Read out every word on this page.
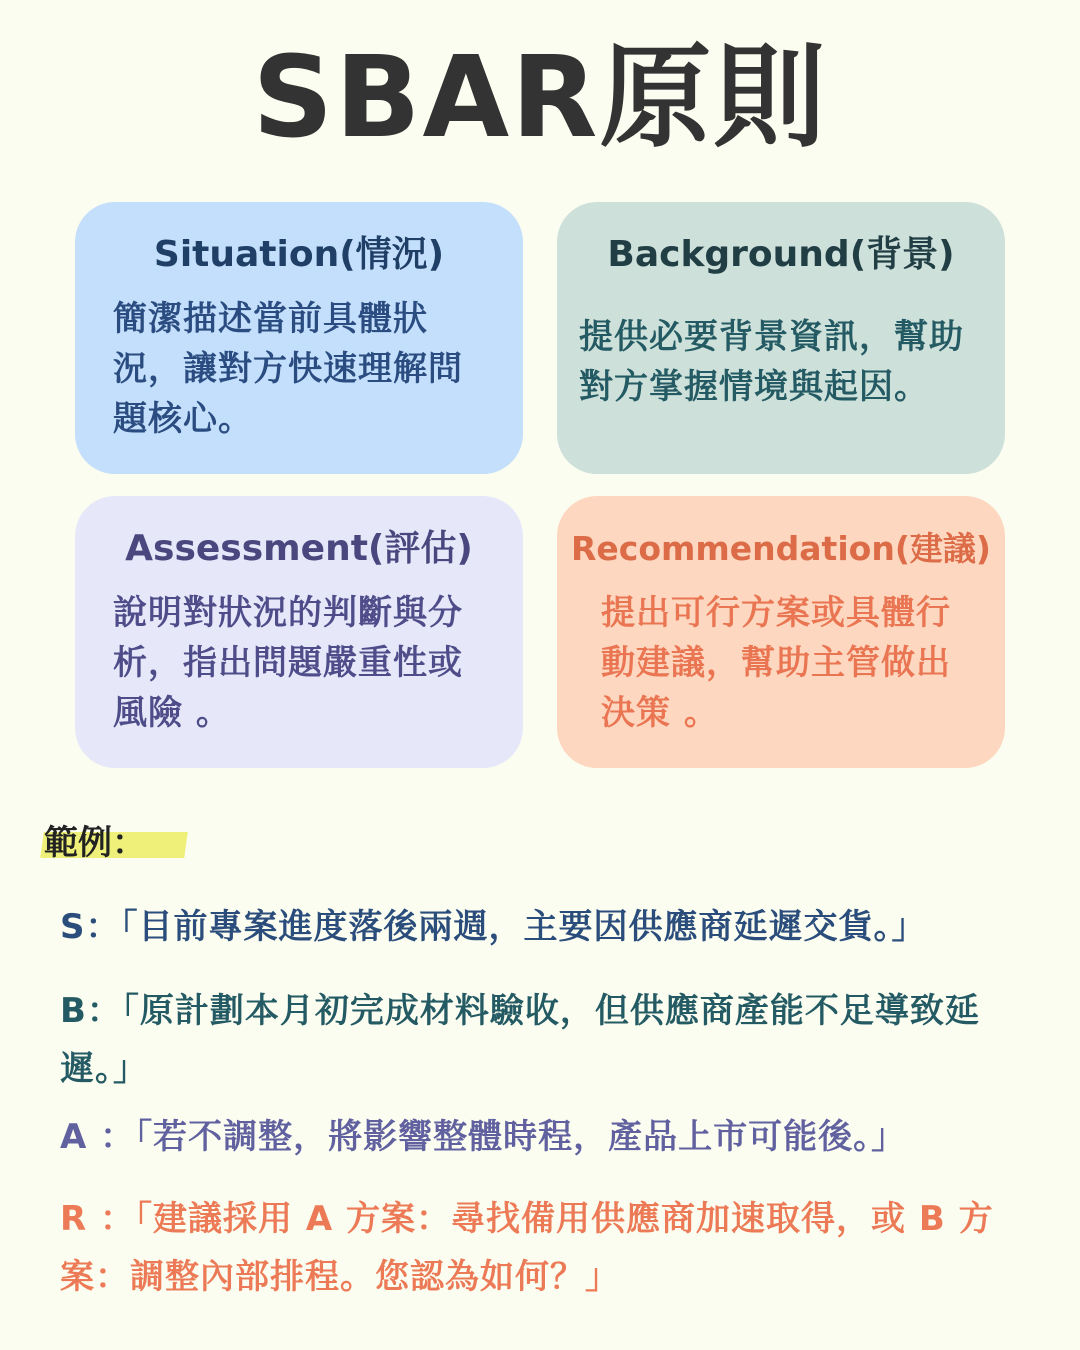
SBAR原則
Situation(情況)
簡潔描述當前具體狀況，讓對方快速理解問題核心。
Background(背景)
提供必要背景資訊，幫助對方掌握情境與起因。
Assessment(評估)
說明對狀況的判斷與分析，指出問題嚴重性或風險 。
Recommendation(建議)
提出可行方案或具體行動建議，幫助主管做出決策 。
範例：
S：「目前專案進度落後兩週，主要因供應商延遲交貨。」
B：「原計劃本月初完成材料驗收，但供應商產能不足導致延遲。」
A ：「若不調整，將影響整體時程，產品上市可能後。」
R ：「建議採用 A 方案：尋找備用供應商加速取得，或 B 方案：調整內部排程。您認為如何？」
